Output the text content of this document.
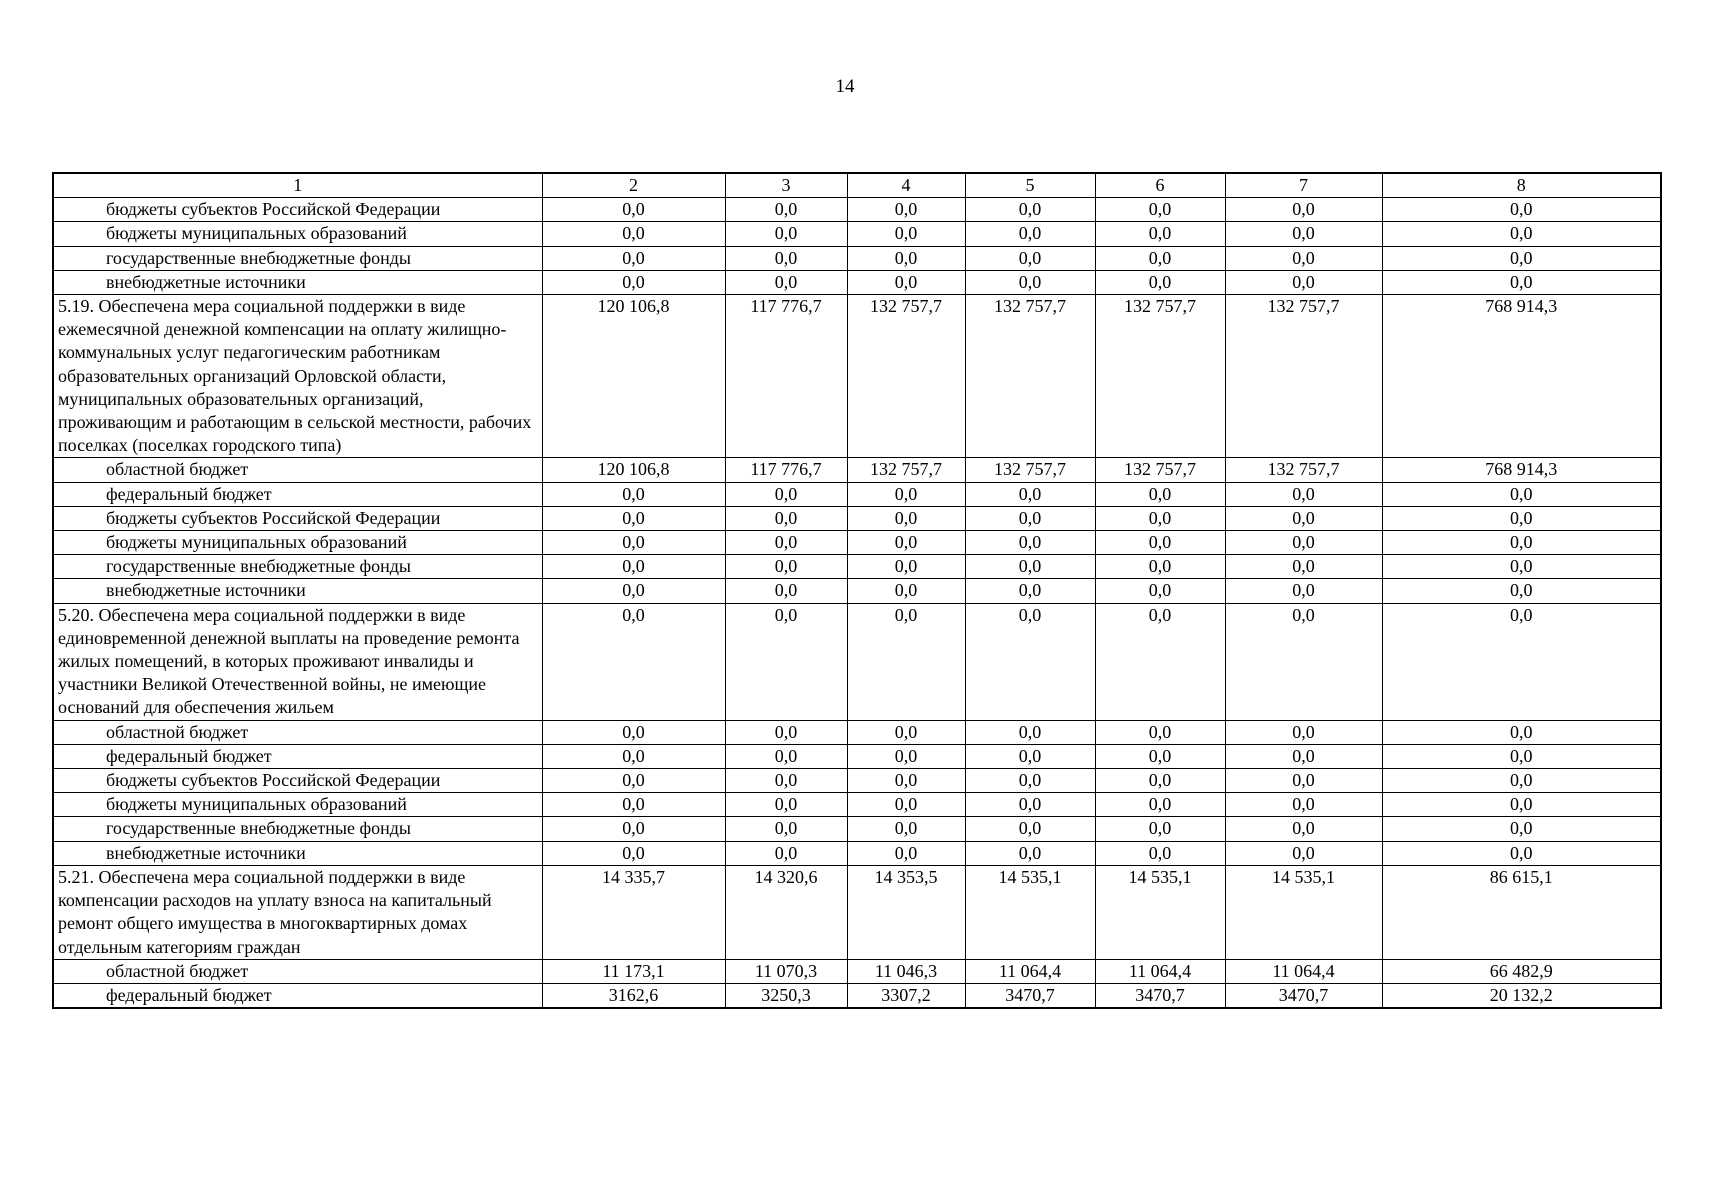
14
1	2	3	4	5	6	7	8
бюджеты субъектов Российской Федерации	0,0	0,0	0,0	0,0	0,0	0,0	0,0
бюджеты муниципальных образований	0,0	0,0	0,0	0,0	0,0	0,0	0,0
государственные внебюджетные фонды	0,0	0,0	0,0	0,0	0,0	0,0	0,0
внебюджетные источники	0,0	0,0	0,0	0,0	0,0	0,0	0,0
5.19. Обеспечена мера социальной поддержки в виде ежемесячной денежной компенсации на оплату жилищно-коммунальных услуг педагогическим работникам образовательных организаций Орловской области, муниципальных образовательных организаций, проживающим и работающим в сельской местности, рабочих поселках (поселках городского типа)	120 106,8	117 776,7	132 757,7	132 757,7	132 757,7	132 757,7	768 914,3
областной бюджет	120 106,8	117 776,7	132 757,7	132 757,7	132 757,7	132 757,7	768 914,3
федеральный бюджет	0,0	0,0	0,0	0,0	0,0	0,0	0,0
бюджеты субъектов Российской Федерации	0,0	0,0	0,0	0,0	0,0	0,0	0,0
бюджеты муниципальных образований	0,0	0,0	0,0	0,0	0,0	0,0	0,0
государственные внебюджетные фонды	0,0	0,0	0,0	0,0	0,0	0,0	0,0
внебюджетные источники	0,0	0,0	0,0	0,0	0,0	0,0	0,0
5.20. Обеспечена мера социальной поддержки в виде единовременной денежной выплаты на проведение ремонта жилых помещений, в которых проживают инвалиды и участники Великой Отечественной войны, не имеющие оснований для обеспечения жильем	0,0	0,0	0,0	0,0	0,0	0,0	0,0
областной бюджет	0,0	0,0	0,0	0,0	0,0	0,0	0,0
федеральный бюджет	0,0	0,0	0,0	0,0	0,0	0,0	0,0
бюджеты субъектов Российской Федерации	0,0	0,0	0,0	0,0	0,0	0,0	0,0
бюджеты муниципальных образований	0,0	0,0	0,0	0,0	0,0	0,0	0,0
государственные внебюджетные фонды	0,0	0,0	0,0	0,0	0,0	0,0	0,0
внебюджетные источники	0,0	0,0	0,0	0,0	0,0	0,0	0,0
5.21. Обеспечена мера социальной поддержки в виде компенсации расходов на уплату взноса на капитальный ремонт общего имущества в многоквартирных домах отдельным категориям граждан	14 335,7	14 320,6	14 353,5	14 535,1	14 535,1	14 535,1	86 615,1
областной бюджет	11 173,1	11 070,3	11 046,3	11 064,4	11 064,4	11 064,4	66 482,9
федеральный бюджет	3162,6	3250,3	3307,2	3470,7	3470,7	3470,7	20 132,2
